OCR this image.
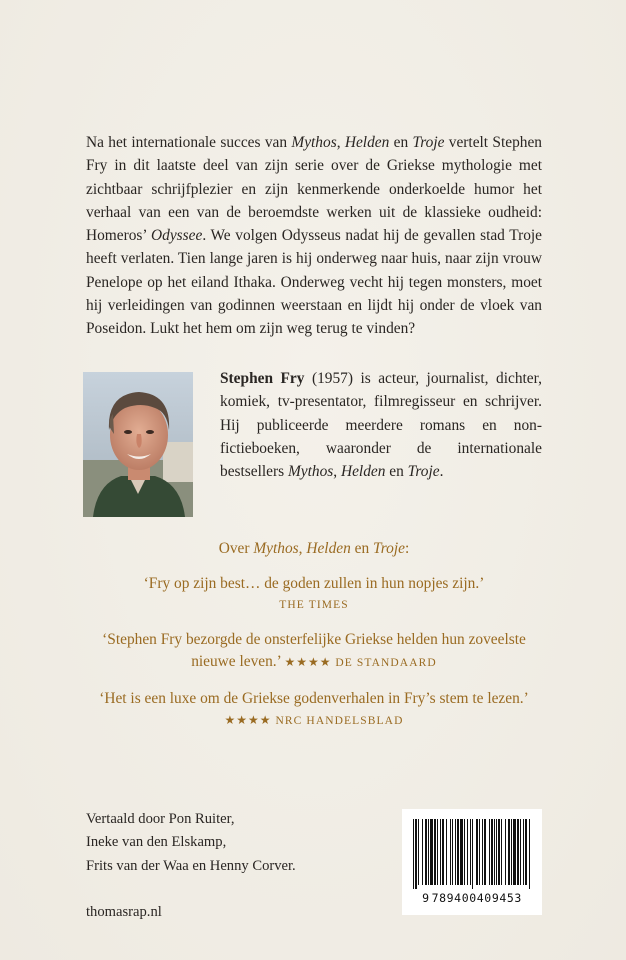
Na het internationale succes van Mythos, Helden en Troje vertelt Stephen Fry in dit laatste deel van zijn serie over de Griekse mythologie met zichtbaar schrijfplezier en zijn kenmerkende onderkoelde humor het verhaal van een van de beroemdste werken uit de klassieke oudheid: Homeros’ Odyssee. We volgen Odysseus nadat hij de gevallen stad Troje heeft verlaten. Tien lange jaren is hij onderweg naar huis, naar zijn vrouw Penelope op het eiland Ithaka. Onderweg vecht hij tegen monsters, moet hij verleidingen van godinnen weerstaan en lijdt hij onder de vloek van Poseidon. Lukt het hem om zijn weg terug te vinden?

Stephen Fry (1957) is acteur, journalist, dichter, komiek, tv-presentator, filmregisseur en schrijver. Hij publiceerde meerdere romans en non-fictieboeken, waaronder de internationale bestsellers Mythos, Helden en Troje.

Over Mythos, Helden en Troje:

‘Fry op zijn best… de goden zullen in hun nopjes zijn.’
THE TIMES

‘Stephen Fry bezorgde de onsterfelijke Griekse helden hun zoveelste nieuwe leven.’ ★★★★ DE STANDAARD

‘Het is een luxe om de Griekse godenverhalen in Fry’s stem te lezen.’
★★★★ NRC HANDELSBLAD

Vertaald door Pon Ruiter,
Ineke van den Elskamp,
Frits van der Waa en Henny Corver.
thomasrap.nl
9 789400409453
